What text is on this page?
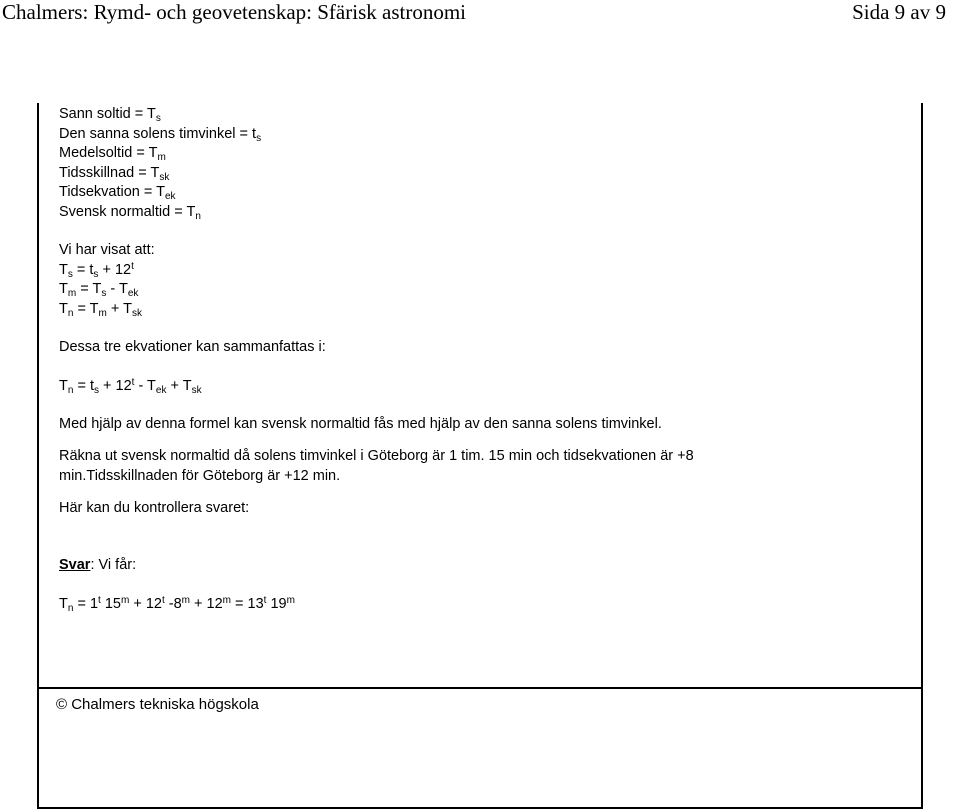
Chalmers: Rymd- och geovetenskap: Sfärisk astronomi	Sida 9 av 9
Sann soltid = $T_s$
Den sanna solens timvinkel = $t_s$
Medelsoltid = $T_m$
Tidsskillnad = $T_{sk}$
Tidsekvation = $T_{ek}$
Svensk normaltid = $T_n$
Vi har visat att:
$T_s = t_s + 12^t$
$T_m = T_s - T_{ek}$
$T_n = T_m + T_{sk}$
Dessa tre ekvationer kan sammanfattas i:
$T_n = t_s + 12^t - T_{ek} + T_{sk}$
Med hjälp av denna formel kan svensk normaltid fås med hjälp av den sanna solens timvinkel.
Räkna ut svensk normaltid då solens timvinkel i Göteborg är 1 tim. 15 min och tidsekvationen är +8 min.Tidsskillnaden för Göteborg är +12 min.
Här kan du kontrollera svaret:
Svar: Vi får:
$T_n = 1^t$ $15^m + 12^t$ $-8^m + 12^m = 13^t$ 19$^m$
© Chalmers tekniska högskola
